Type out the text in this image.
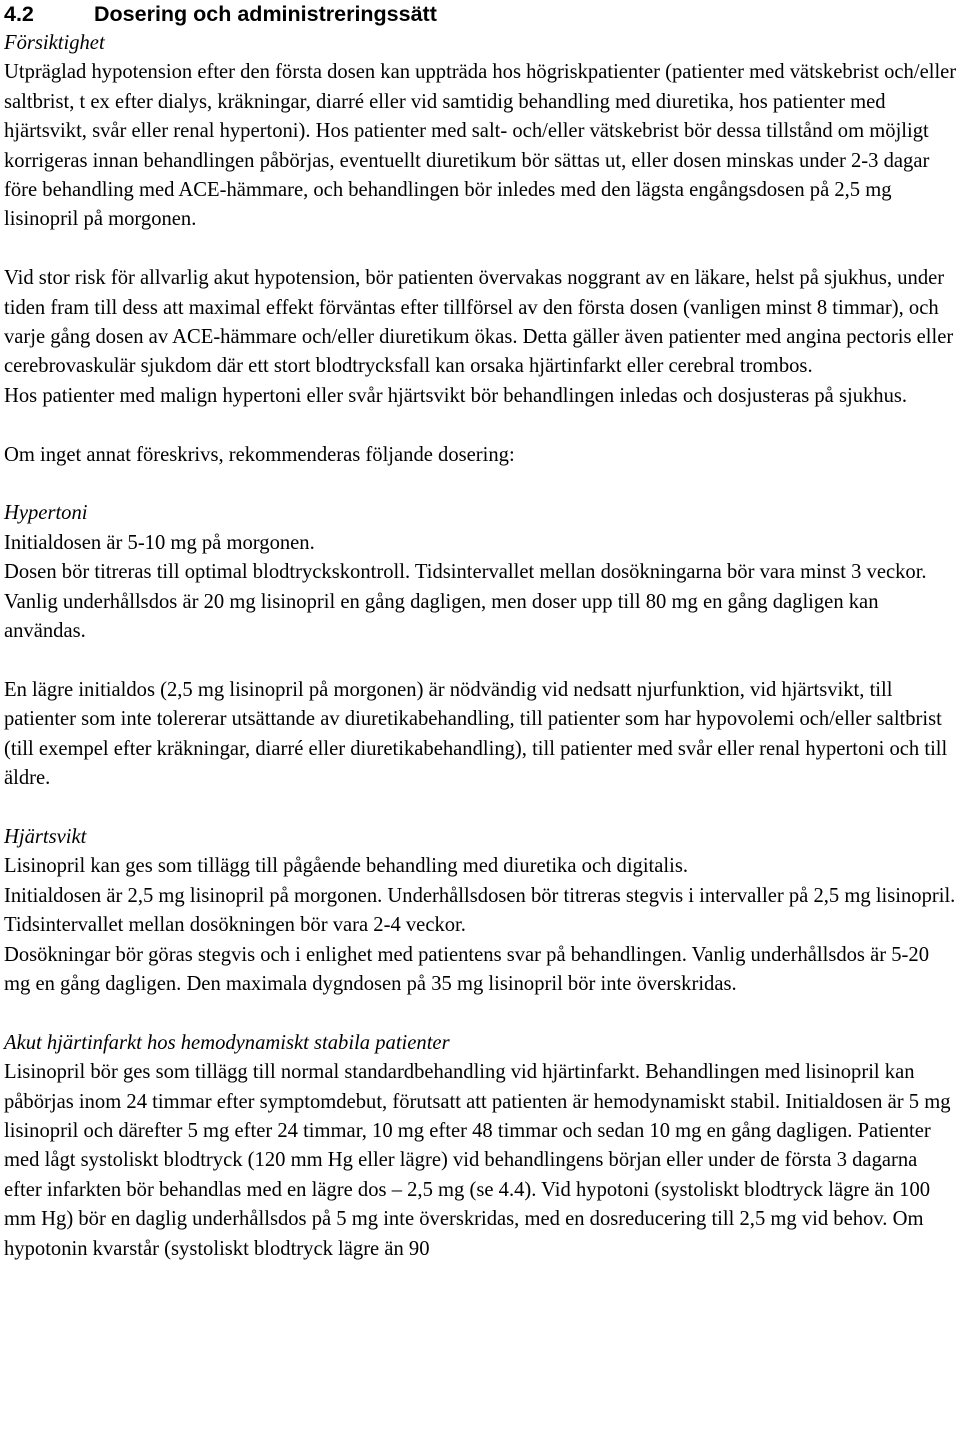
4.2	Dosering och administreringssätt

Försiktighet

Utpräglad hypotension efter den första dosen kan uppträda hos högriskpatienter (patienter med vätskebrist och/eller saltbrist, t ex efter dialys, kräkningar, diarré eller vid samtidig behandling med diuretika, hos patienter med hjärtsvikt, svår eller renal hypertoni). Hos patienter med salt- och/eller vätskebrist bör dessa tillstånd om möjligt korrigeras innan behandlingen påbörjas, eventuellt diuretikum bör sättas ut, eller dosen minskas under 2-3 dagar före behandling med ACE-hämmare, och behandlingen bör inledes med den lägsta engångsdosen på 2,5 mg lisinopril på morgonen.

Vid stor risk för allvarlig akut hypotension, bör patienten övervakas noggrant av en läkare, helst på sjukhus, under tiden fram till dess att maximal effekt förväntas efter tillförsel av den första dosen (vanligen minst 8 timmar), och varje gång dosen av ACE-hämmare och/eller diuretikum ökas. Detta gäller även patienter med angina pectoris eller cerebrovaskulär sjukdom där ett stort blodtrycksfall kan orsaka hjärtinfarkt eller cerebral trombos.

Hos patienter med malign hypertoni eller svår hjärtsvikt bör behandlingen inledas och dosjusteras på sjukhus.

Om inget annat föreskrivs, rekommenderas följande dosering:

Hypertoni

Initialdosen är 5-10 mg på morgonen.

Dosen bör titreras till optimal blodtryckskontroll. Tidsintervallet mellan dosökningarna bör vara minst 3 veckor.

Vanlig underhållsdos är 20 mg lisinopril en gång dagligen, men doser upp till 80 mg en gång dagligen kan användas.

En lägre initialdos (2,5 mg lisinopril på morgonen) är nödvändig vid nedsatt njurfunktion, vid hjärtsvikt, till patienter som inte tolererar utsättande av diuretikabehandling, till patienter som har hypovolemi och/eller saltbrist (till exempel efter kräkningar, diarré eller diuretikabehandling), till patienter med svår eller renal hypertoni och till äldre.

Hjärtsvikt

Lisinopril kan ges som tillägg till pågående behandling med diuretika och digitalis.

Initialdosen är 2,5 mg lisinopril på morgonen. Underhållsdosen bör titreras stegvis i intervaller på 2,5 mg lisinopril. Tidsintervallet mellan dosökningen bör vara 2-4 veckor.

Dosökningar bör göras stegvis och i enlighet med patientens svar på behandlingen. Vanlig underhållsdos är 5-20 mg en gång dagligen. Den maximala dygndosen på 35 mg lisinopril bör inte överskridas.

Akut hjärtinfarkt hos hemodynamiskt stabila patienter

Lisinopril bör ges som tillägg till normal standardbehandling vid hjärtinfarkt. Behandlingen med lisinopril kan påbörjas inom 24 timmar efter symptomdebut, förutsatt att patienten är hemodynamiskt stabil. Initialdosen är 5 mg lisinopril och därefter 5 mg efter 24 timmar, 10 mg efter 48 timmar och sedan 10 mg en gång dagligen. Patienter med lågt systoliskt blodtryck (120 mm Hg eller lägre) vid behandlingens början eller under de första 3 dagarna efter infarkten bör behandlas med en lägre dos – 2,5 mg (se 4.4). Vid hypotoni (systoliskt blodtryck lägre än 100 mm Hg) bör en daglig underhållsdos på 5 mg inte överskridas, med en dosreducering till 2,5 mg vid behov. Om hypotonin kvarstår (systoliskt blodtryck lägre än 90
